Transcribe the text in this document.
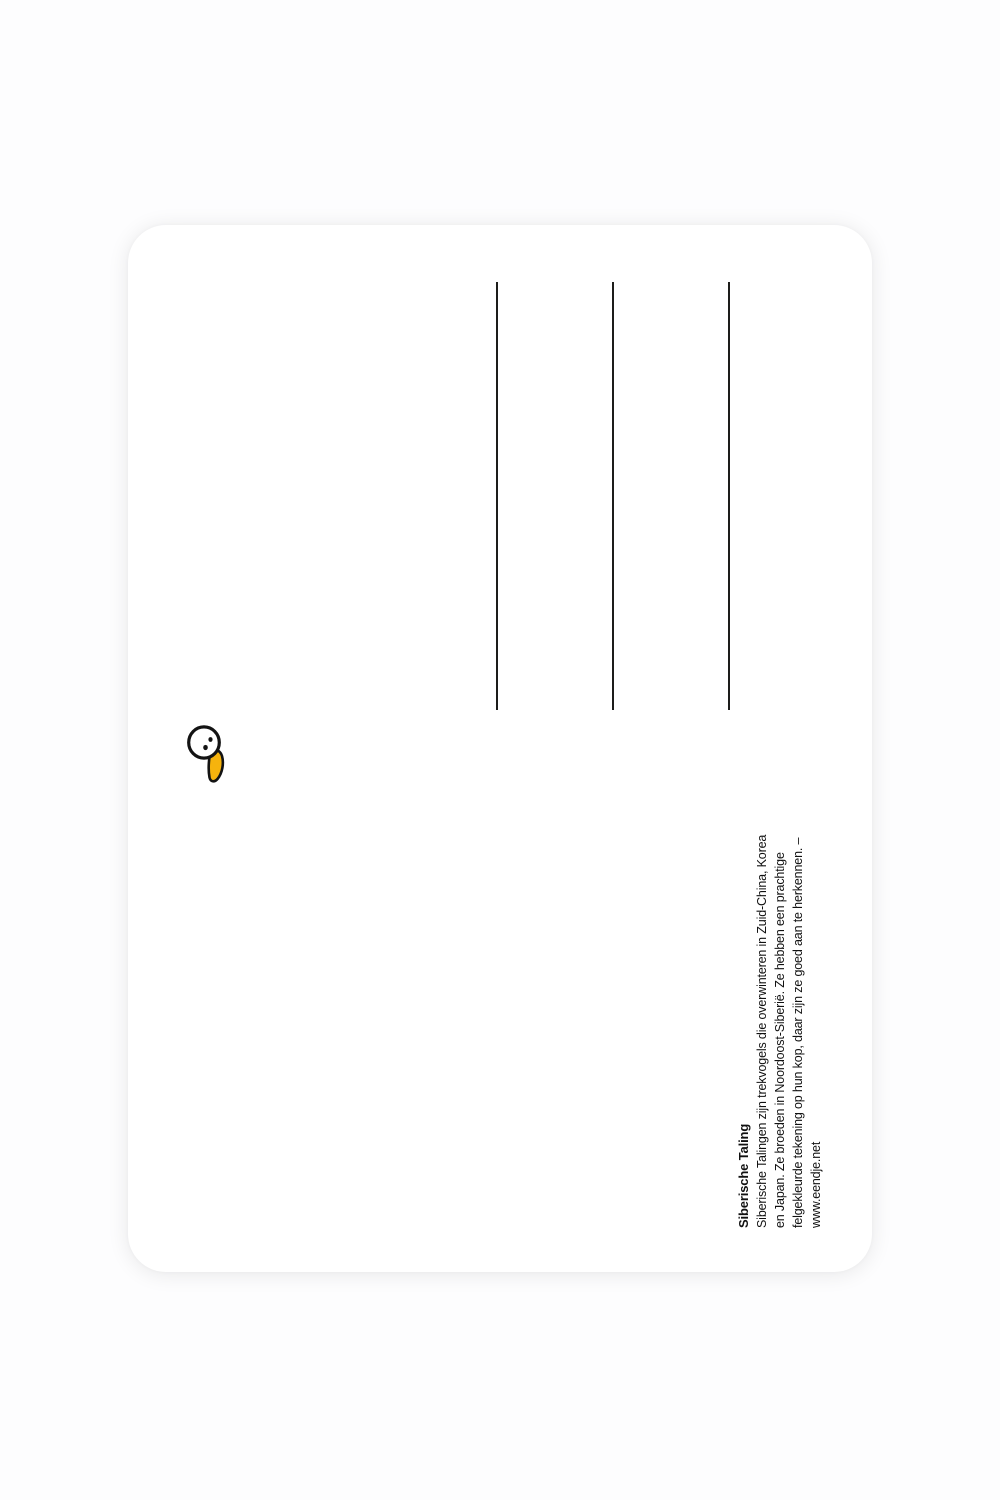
Siberische Taling Siberische Talingen zijn trekvogels die overwinteren in Zuid-China, Korea en Japan. Ze broeden in Noordoost-Siberië. Ze hebben een prachtige felgekleurde tekening op hun kop, daar zijn ze goed aan te herkennen. – www.eendje.net
